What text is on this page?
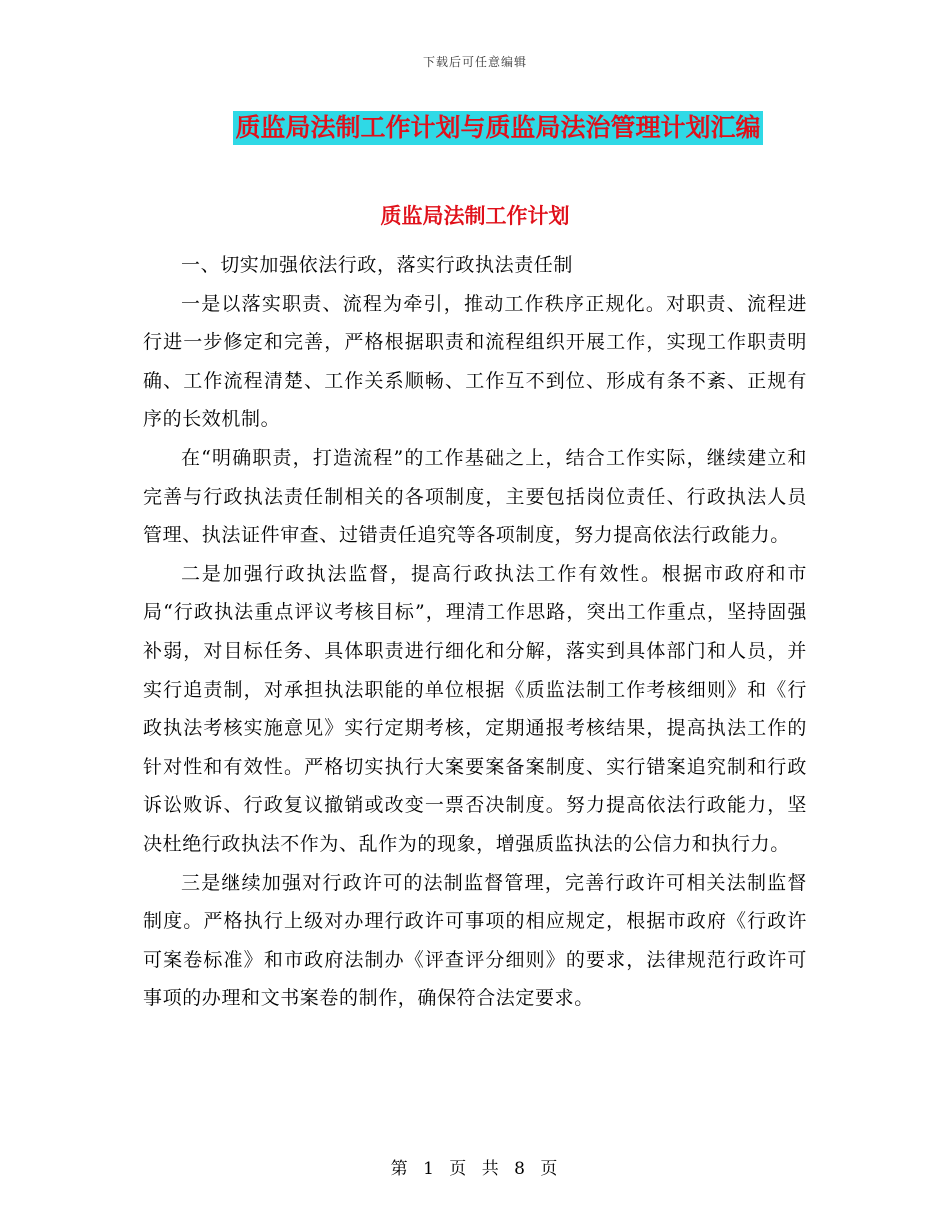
下载后可任意编辑
质监局法制工作计划与质监局法治管理计划汇编
质监局法制工作计划

一、切实加强依法行政，落实行政执法责任制

一是以落实职责、流程为牵引，推动工作秩序正规化。对职责、流程进行进一步修定和完善，严格根据职责和流程组织开展工作，实现工作职责明确、工作流程清楚、工作关系顺畅、工作互不到位、形成有条不紊、正规有序的长效机制。

在“明确职责，打造流程”的工作基础之上，结合工作实际，继续建立和完善与行政执法责任制相关的各项制度，主要包括岗位责任、行政执法人员管理、执法证件审查、过错责任追究等各项制度，努力提高依法行政能力。

二是加强行政执法监督，提高行政执法工作有效性。根据市政府和市局“行政执法重点评议考核目标”，理清工作思路，突出工作重点，坚持固强补弱，对目标任务、具体职责进行细化和分解，落实到具体部门和人员，并实行追责制，对承担执法职能的单位根据《质监法制工作考核细则》和《行政执法考核实施意见》实行定期考核，定期通报考核结果，提高执法工作的针对性和有效性。严格切实执行大案要案备案制度、实行错案追究制和行政诉讼败诉、行政复议撤销或改变一票否决制度。努力提高依法行政能力，坚决杜绝行政执法不作为、乱作为的现象，增强质监执法的公信力和执行力。

三是继续加强对行政许可的法制监督管理，完善行政许可相关法制监督制度。严格执行上级对办理行政许可事项的相应规定，根据市政府《行政许可案卷标准》和市政府法制办《评查评分细则》的要求，法律规范行政许可事项的办理和文书案卷的制作，确保符合法定要求。

第 1 页 共 8 页
